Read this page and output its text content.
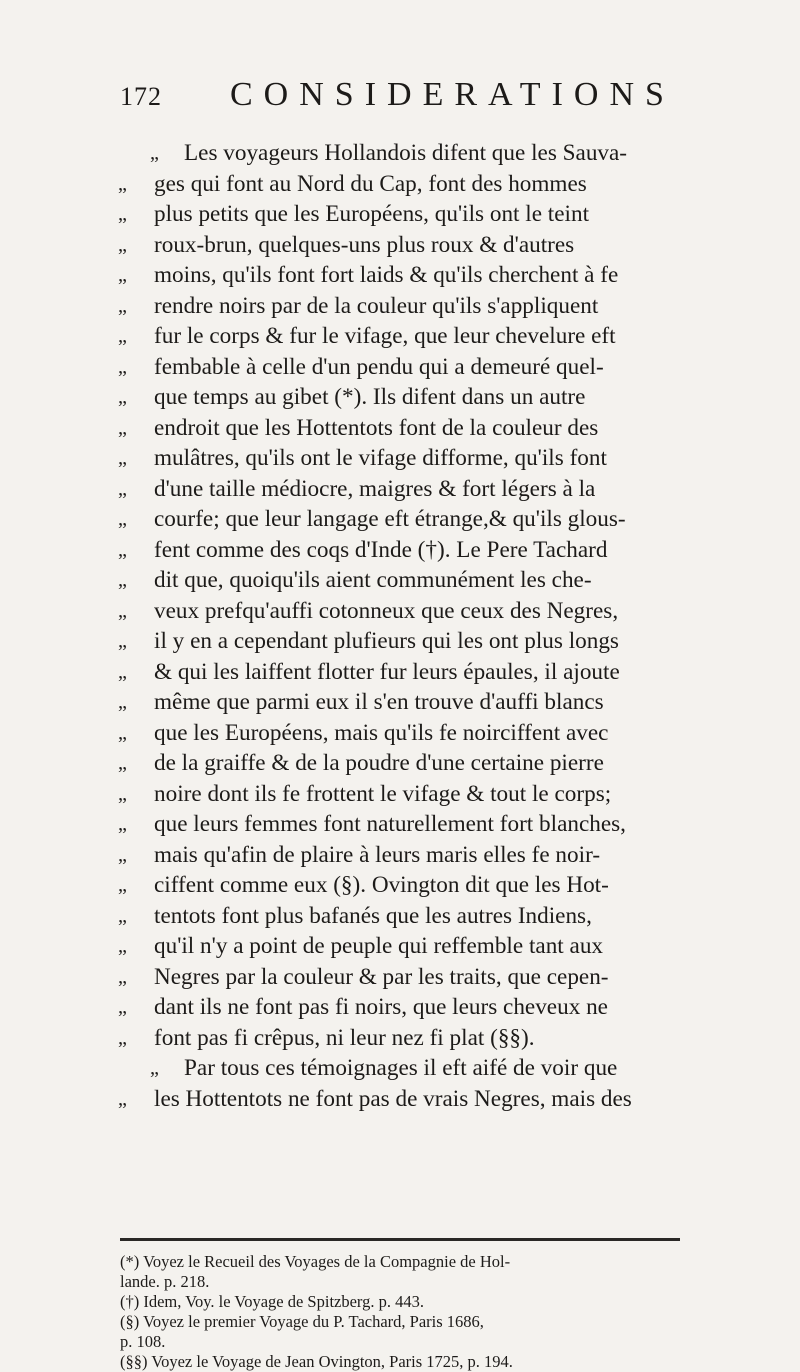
172 CONSIDERATIONS
„	Les voyageurs Hollandois difent que les Sauva-
„	ges qui font au Nord du Cap, font des hommes
„	plus petits que les Européens, qu'ils ont le teint
„	roux-brun, quelques-uns plus roux & d'autres
„	moins, qu'ils font fort laids & qu'ils cherchent à fe
„	rendre noirs par de la couleur qu'ils s'appliquent
„	fur le corps & fur le vifage, que leur chevelure eft
„	fembable à celle d'un pendu qui a demeuré quel-
„	que temps au gibet (*). Ils difent dans un autre
„	endroit que les Hottentots font de la couleur des
„	mulâtres, qu'ils ont le vifage difforme, qu'ils font
„	d'une taille médiocre, maigres & fort légers à la
„	courfe; que leur langage eft étrange,& qu'ils glous-
„	fent comme des coqs d'Inde (†). Le Pere Tachard
„	dit que, quoiqu'ils aient communément les che-
„	veux prefqu'auffi cotonneux que ceux des Negres,
„	il y en a cependant plufieurs qui les ont plus longs
„	& qui les laiffent flotter fur leurs épaules, il ajoute
„	même que parmi eux il s'en trouve d'auffi blancs
„	que les Européens, mais qu'ils fe noirciffent avec
„	de la graiffe & de la poudre d'une certaine pierre
„	noire dont ils fe frottent le vifage & tout le corps;
„	que leurs femmes font naturellement fort blanches,
„	mais qu'afin de plaire à leurs maris elles fe noir-
„	ciffent comme eux (§). Ovington dit que les Hot-
„	tentots font plus bafanés que les autres Indiens,
„	qu'il n'y a point de peuple qui reffemble tant aux
„	Negres par la couleur & par les traits, que cepen-
„	dant ils ne font pas fi noirs, que leurs cheveux ne
„	font pas fi crêpus, ni leur nez fi plat (§§).
„	Par tous ces témoignages il eft aifé de voir que
„	les Hottentots ne font pas de vrais Negres, mais des
(*) Voyez le Recueil des Voyages de la Compagnie de Hol-
lande. p. 218.
(†) Idem, Voy. le Voyage de Spitzberg. p. 443.
(§) Voyez le premier Voyage du P. Tachard, Paris 1686,
p. 108.
(§§) Voyez le Voyage de Jean Ovington, Paris 1725, p. 194.
